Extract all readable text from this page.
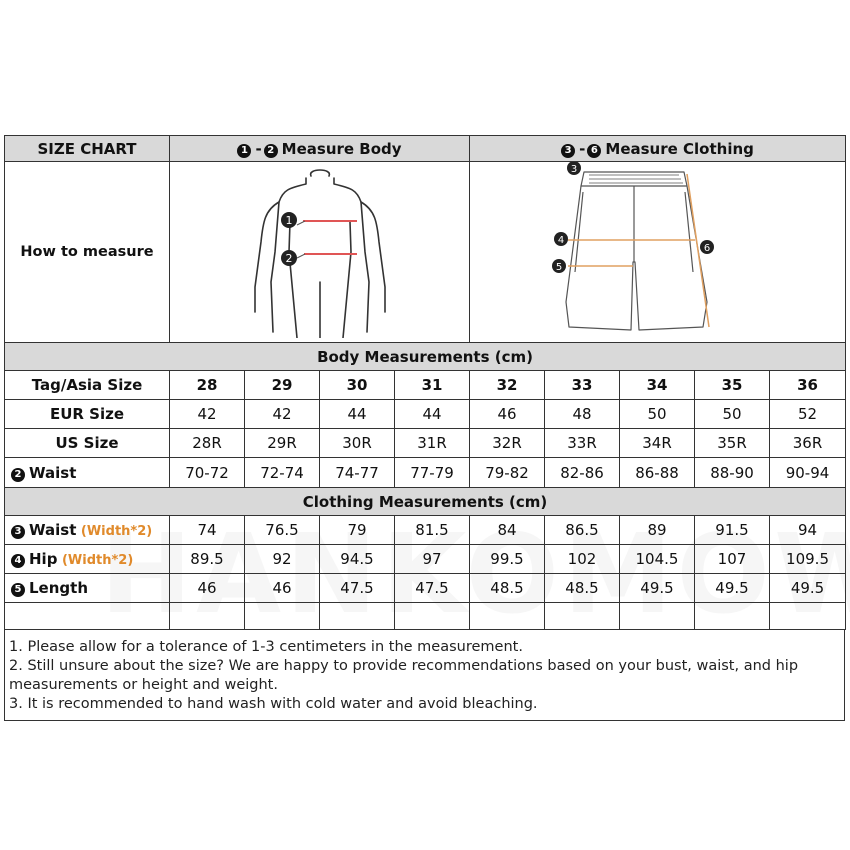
SIZE CHART	1 - 2 Measure Body				3 - 6 Measure Clothing				
How to measure	1
2				3
4
5
6				

Body Measurements (cm)									
Tag/Asia Size	28	29	30	31	32	33	34	35	36
EUR Size	42	42	44	44	46	48	50	50	52
US Size	28R	29R	30R	31R	32R	33R	34R	35R	36R
2 Waist	70-72	72-74	74-77	77-79	79-82	82-86	86-88	88-90	90-94
Clothing Measurements (cm)									
3 Waist (Width*2)	74	76.5	79	81.5	84	86.5	89	91.5	94
4 Hip (Width*2)	89.5	92	94.5	97	99.5	102	104.5	107	109.5
5 Length	46	46	47.5	47.5	48.5	48.5	49.5	49.5	49.5

1. Please allow for a tolerance of 1-3 centimeters in the measurement.
2. Still unsure about the size? We are happy to provide recommendations based on your bust, waist, and hip measurements or height and weight.
3. It is recommended to hand wash with cold water and avoid bleaching.
